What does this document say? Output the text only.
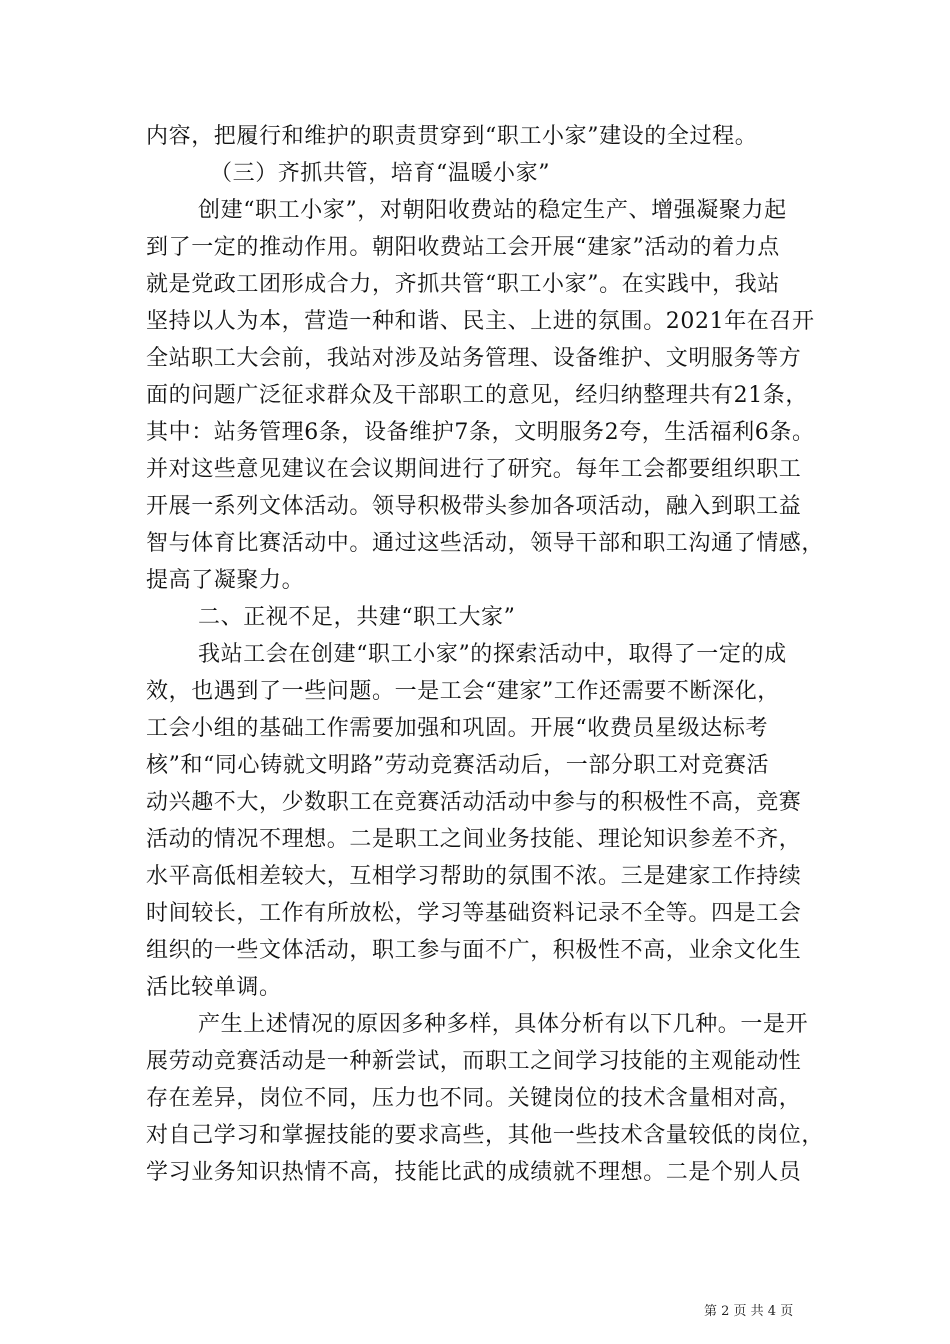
内容，把履行和维护的职责贯穿到“职工小家”建设的全过程。
（三）齐抓共管，培育“温暖小家”
创建“职工小家”，对朝阳收费站的稳定生产、增强凝聚力起
到了一定的推动作用。朝阳收费站工会开展“建家”活动的着力点
就是党政工团形成合力，齐抓共管“职工小家”。在实践中，我站
坚持以人为本，营造一种和谐、民主、上进的氛围。2021年在召开
全站职工大会前，我站对涉及站务管理、设备维护、文明服务等方
面的问题广泛征求群众及干部职工的意见，经归纳整理共有21条，
其中：站务管理6条，设备维护7条，文明服务2夸，生活福利6条。
并对这些意见建议在会议期间进行了研究。每年工会都要组织职工
开展一系列文体活动。领导积极带头参加各项活动，融入到职工益
智与体育比赛活动中。通过这些活动，领导干部和职工沟通了情感，
提高了凝聚力。
二、正视不足，共建“职工大家”
我站工会在创建“职工小家”的探索活动中，取得了一定的成
效，也遇到了一些问题。一是工会“建家”工作还需要不断深化，
工会小组的基础工作需要加强和巩固。开展“收费员星级达标考
核”和“同心铸就文明路”劳动竞赛活动后，一部分职工对竞赛活
动兴趣不大，少数职工在竞赛活动活动中参与的积极性不高，竞赛
活动的情况不理想。二是职工之间业务技能、理论知识参差不齐，
水平高低相差较大，互相学习帮助的氛围不浓。三是建家工作持续
时间较长，工作有所放松，学习等基础资料记录不全等。四是工会
组织的一些文体活动，职工参与面不广，积极性不高，业余文化生
活比较单调。
产生上述情况的原因多种多样，具体分析有以下几种。一是开
展劳动竞赛活动是一种新尝试，而职工之间学习技能的主观能动性
存在差异，岗位不同，压力也不同。关键岗位的技术含量相对高，
对自己学习和掌握技能的要求高些，其他一些技术含量较低的岗位，
学习业务知识热情不高，技能比武的成绩就不理想。二是个别人员
第 2 页 共 4 页
